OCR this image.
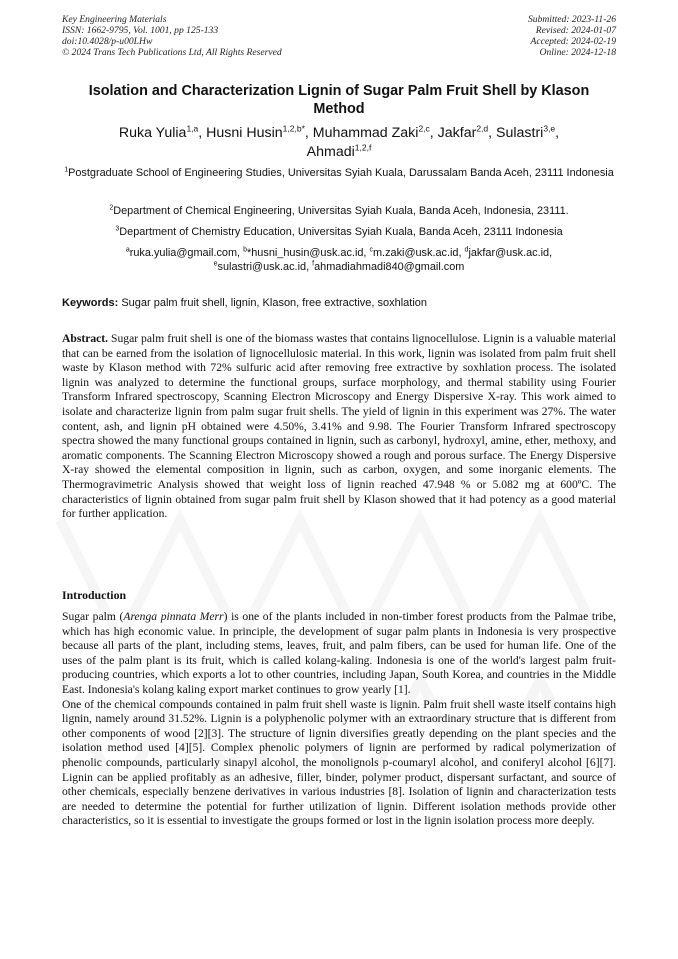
Key Engineering Materials
ISSN: 1662-9795, Vol. 1001, pp 125-133
doi:10.4028/p-u00LHw
© 2024 Trans Tech Publications Ltd, All Rights Reserved
Submitted: 2023-11-26
Revised: 2024-01-07
Accepted: 2024-02-19
Online: 2024-12-18
Isolation and Characterization Lignin of Sugar Palm Fruit Shell by Klason Method
Ruka Yulia$^{1,a}$, Husni Husin$^{1,2,b*}$, Muhammad Zaki$^{2,c}$, Jakfar$^{2,d}$, Sulastri$^{3,e}$,
Ahmadi$^{1,2,f}$
$^1$Postgraduate School of Engineering Studies, Universitas Syiah Kuala, Darussalam Banda Aceh, 23111 Indonesia
$^2$Department of Chemical Engineering, Universitas Syiah Kuala, Banda Aceh, Indonesia, 23111.
$^3$Department of Chemistry Education, Universitas Syiah Kuala, Banda Aceh, 23111 Indonesia
$^a$ruka.yulia@gmail.com, $^b$*husni_husin@usk.ac.id, $^c$m.zaki@usk.ac.id, $^d$jakfar@usk.ac.id,
$^e$sulastri@usk.ac.id, $^f$ahmadiahmadi840@gmail.com
Keywords: Sugar palm fruit shell, lignin, Klason, free extractive, soxhlation

Abstract. Sugar palm fruit shell is one of the biomass wastes that contains lignocellulose. Lignin is a valuable material that can be earned from the isolation of lignocellulosic material. In this work, lignin was isolated from palm fruit shell waste by Klason method with 72% sulfuric acid after removing free extractive by soxhlation process. The isolated lignin was analyzed to determine the functional groups, surface morphology, and thermal stability using Fourier Transform Infrared spectroscopy, Scanning Electron Microscopy and Energy Dispersive X-ray. This work aimed to isolate and characterize lignin from palm sugar fruit shells. The yield of lignin in this experiment was 27%. The water content, ash, and lignin pH obtained were 4.50%, 3.41% and 9.98. The Fourier Transform Infrared spectroscopy spectra showed the many functional groups contained in lignin, such as carbonyl, hydroxyl, amine, ether, methoxy, and aromatic components. The Scanning Electron Microscopy showed a rough and porous surface. The Energy Dispersive X-ray showed the elemental composition in lignin, such as carbon, oxygen, and some inorganic elements. The Thermogravimetric Analysis showed that weight loss of lignin reached 47.948 % or 5.082 mg at 600ºC. The characteristics of lignin obtained from sugar palm fruit shell by Klason showed that it had potency as a good material for further application.

Introduction

Sugar palm (Arenga pinnata Merr) is one of the plants included in non-timber forest products from the Palmae tribe, which has high economic value. In principle, the development of sugar palm plants in Indonesia is very prospective because all parts of the plant, including stems, leaves, fruit, and palm fibers, can be used for human life. One of the uses of the palm plant is its fruit, which is called kolang-kaling. Indonesia is one of the world's largest palm fruit-producing countries, which exports a lot to other countries, including Japan, South Korea, and countries in the Middle East. Indonesia's kolang kaling export market continues to grow yearly [1].

One of the chemical compounds contained in palm fruit shell waste is lignin. Palm fruit shell waste itself contains high lignin, namely around 31.52%. Lignin is a polyphenolic polymer with an extraordinary structure that is different from other components of wood [2][3]. The structure of lignin diversifies greatly depending on the plant species and the isolation method used [4][5]. Complex phenolic polymers of lignin are performed by radical polymerization of phenolic compounds, particularly sinapyl alcohol, the monolignols p-coumaryl alcohol, and coniferyl alcohol [6][7]. Lignin can be applied profitably as an adhesive, filler, binder, polymer product, dispersant surfactant, and source of other chemicals, especially benzene derivatives in various industries [8]. Isolation of lignin and characterization tests are needed to determine the potential for further utilization of lignin. Different isolation methods provide other characteristics, so it is essential to investigate the groups formed or lost in the lignin isolation process more deeply.
